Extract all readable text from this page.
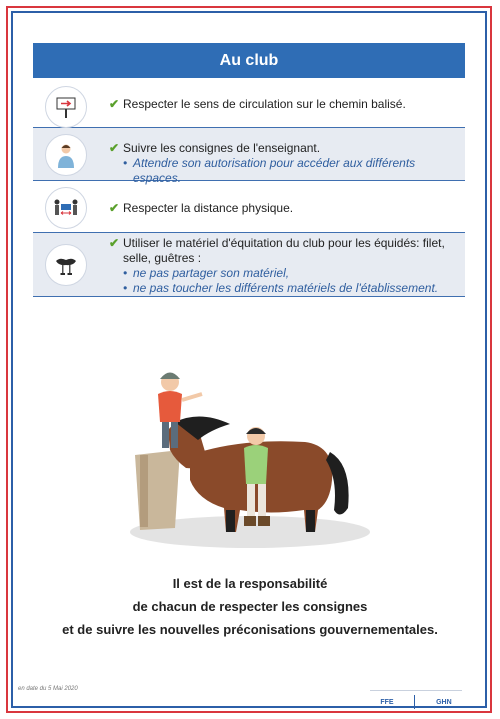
Au club
✔ Respecter le sens de circulation sur le chemin balisé.
✔ Suivre les consignes de l'enseignant.
• Attendre son autorisation pour accéder aux différents espaces.
✔ Respecter la distance physique.
✔ Utiliser le matériel d'équitation du club pour les équidés: filet,
selle, guêtres :
• ne pas partager son matériel,
• ne pas toucher les différents matériels de l'établissement.
Il est de la responsabilité
de chacun de respecter les consignes
et de suivre les nouvelles préconisations gouvernementales.
en date du 5 Mai 2020
FFE	GHN
